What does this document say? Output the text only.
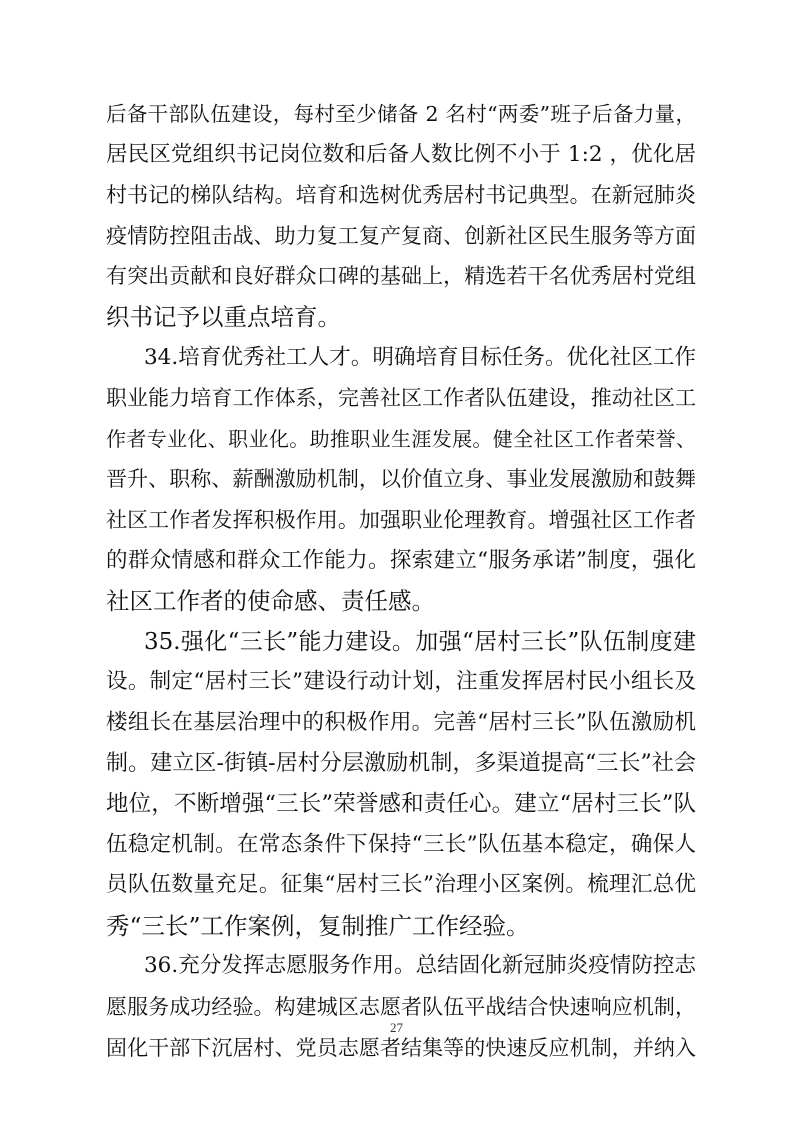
后备干部队伍建设，每村至少储备 2 名村“两委”班子后备力量，
居民区党组织书记岗位数和后备人数比例不小于 1:2 ，优化居
村书记的梯队结构。培育和选树优秀居村书记典型。在新冠肺炎
疫情防控阻击战、助力复工复产复商、创新社区民生服务等方面
有突出贡献和良好群众口碑的基础上，精选若干名优秀居村党组
织书记予以重点培育。
34.培育优秀社工人才。明确培育目标任务。优化社区工作
职业能力培育工作体系，完善社区工作者队伍建设，推动社区工
作者专业化、职业化。助推职业生涯发展。健全社区工作者荣誉、
晋升、职称、薪酬激励机制，以价值立身、事业发展激励和鼓舞
社区工作者发挥积极作用。加强职业伦理教育。增强社区工作者
的群众情感和群众工作能力。探索建立“服务承诺”制度，强化
社区工作者的使命感、责任感。
35.强化“三长”能力建设。加强“居村三长”队伍制度建
设。制定“居村三长”建设行动计划，注重发挥居村民小组长及
楼组长在基层治理中的积极作用。完善“居村三长”队伍激励机
制。建立区-街镇-居村分层激励机制，多渠道提高“三长”社会
地位，不断增强“三长”荣誉感和责任心。建立“居村三长”队
伍稳定机制。在常态条件下保持“三长”队伍基本稳定，确保人
员队伍数量充足。征集“居村三长”治理小区案例。梳理汇总优
秀“三长”工作案例，复制推广工作经验。
36.充分发挥志愿服务作用。总结固化新冠肺炎疫情防控志
愿服务成功经验。构建城区志愿者队伍平战结合快速响应机制，
固化干部下沉居村、党员志愿者结集等的快速反应机制，并纳入
27
